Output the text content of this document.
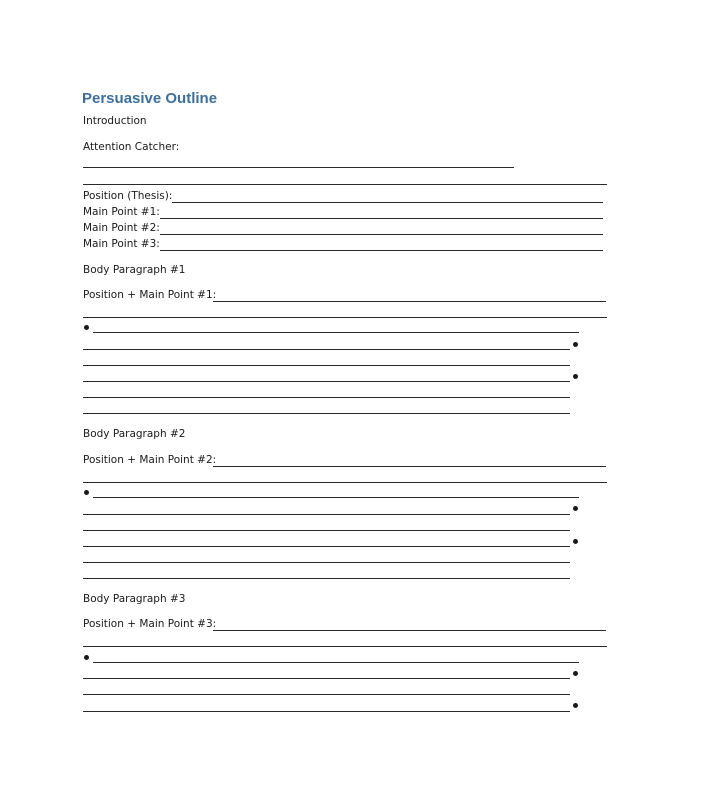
Persuasive Outline
Introduction
Attention Catcher:
Position (Thesis):
Main Point #1:
Main Point #2:
Main Point #3:
Body Paragraph #1
Position + Main Point #1:
Body Paragraph #2
Position + Main Point #2:
Body Paragraph #3
Position + Main Point #3:
